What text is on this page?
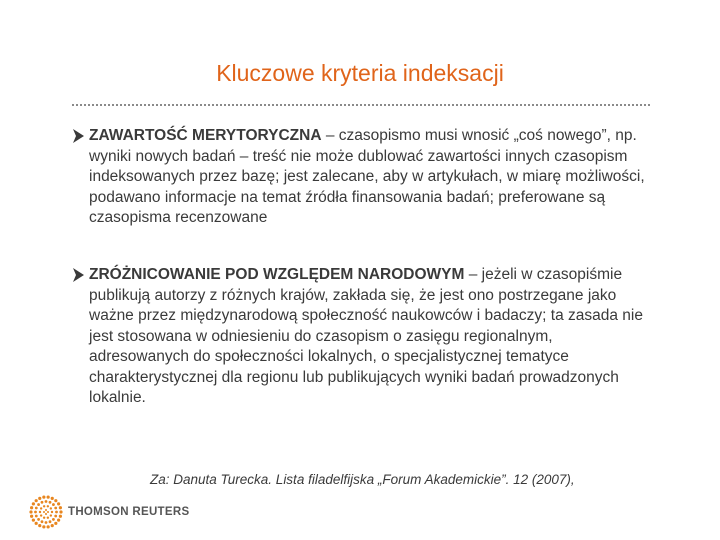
Kluczowe kryteria indeksacji
ZAWARTOŚĆ MERYTORYCZNA – czasopismo musi wnosić „coś nowego”, np. wyniki nowych badań – treść nie może dublować zawartości innych czasopism indeksowanych przez bazę; jest zalecane, aby w artykułach, w miarę możliwości, podawano informacje na temat źródła finansowania badań; preferowane są czasopisma recenzowane
ZRÓŻNICOWANIE POD WZGLĘDEM NARODOWYM – jeżeli w czasopiśmie publikują autorzy z różnych krajów, zakłada się, że jest ono postrzegane jako ważne przez międzynarodową społeczność naukowców i badaczy; ta zasada nie jest stosowana w odniesieniu do czasopism o zasięgu regionalnym, adresowanych do społeczności lokalnych, o specjalistycznej tematyce charakterystycznej dla regionu lub publikujących wyniki badań prowadzonych lokalnie.
Za: Danuta Turecka. Lista filadelfijska „Forum Akademickie”. 12 (2007),
THOMSON REUTERS
